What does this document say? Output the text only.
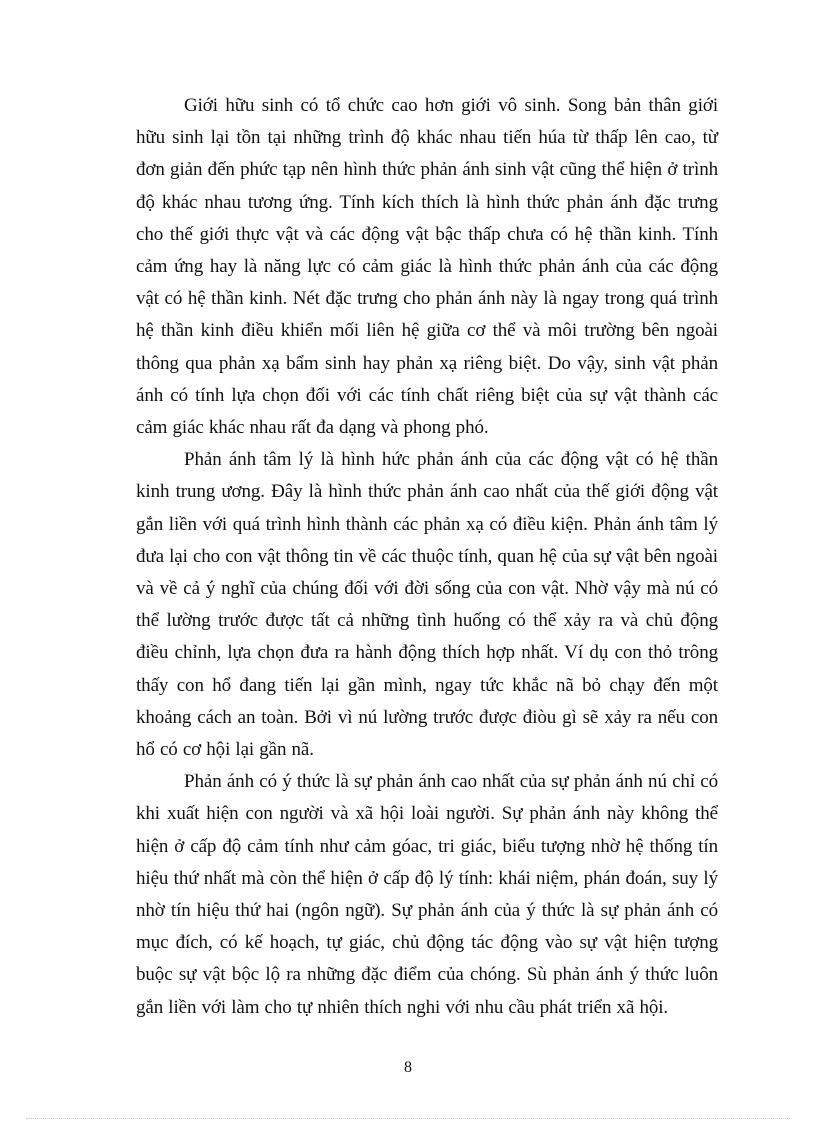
Giới hữu sinh có tổ chức cao hơn giới vô sinh. Song bản thân giới hữu sinh lại tồn tại những trình độ khác nhau tiến húa từ thấp lên cao, từ đơn giản đến phức tạp nên hình thức phản ánh sinh vật cũng thể hiện ở trình độ khác nhau tương ứng. Tính kích thích là hình thức phản ánh đặc trưng cho thế giới thực vật và các động vật bậc thấp chưa có hệ thần kinh. Tính cảm ứng hay là năng lực có cảm giác là hình thức phản ánh của các động vật có hệ thần kinh. Nét đặc trưng cho phản ánh này là ngay trong quá trình hệ thần kinh điều khiển mối liên hệ giữa cơ thể và môi trường bên ngoài thông qua phản xạ bẩm sinh hay phản xạ riêng biệt. Do vậy, sinh vật phản ánh có tính lựa chọn đối với các tính chất riêng biệt của sự vật thành các cảm giác khác nhau rất đa dạng và phong phó.

Phản ánh tâm lý là hình hức phản ánh của các động vật có hệ thần kinh trung ương. Đây là hình thức phản ánh cao nhất của thế giới động vật gắn liền với quá trình hình thành các phản xạ có điều kiện. Phản ánh tâm lý đưa lại cho con vật thông tin về các thuộc tính, quan hệ của sự vật bên ngoài và về cả ý nghĩ của chúng đối với đời sống của con vật. Nhờ vậy mà nú có thể lường trước được tất cả những tình huống có thể xảy ra và chủ động điều chỉnh, lựa chọn đưa ra hành động thích hợp nhất. Ví dụ con thỏ trông thấy con hổ đang tiến lại gần mình, ngay tức khắc nã bỏ chạy đến một khoảng cách an toàn. Bởi vì nú lường trước được điòu gì sẽ xảy ra nếu con hổ có cơ hội lại gần nã.

Phản ánh có ý thức là sự phản ánh cao nhất của sự phản ánh nú chỉ có khi xuất hiện con người và xã hội loài người. Sự phản ánh này không thể hiện ở cấp độ cảm tính như cảm góac, tri giác, biểu tượng nhờ hệ thống tín hiệu thứ nhất mà còn thể hiện ở cấp độ lý tính: khái niệm, phán đoán, suy lý nhờ tín hiệu thứ hai (ngôn ngữ). Sự phản ánh của ý thức là sự phản ánh có mục đích, có kế hoạch, tự giác, chủ động tác động vào sự vật hiện tượng buộc sự vật bộc lộ ra những đặc điểm của chóng. Sù phản ánh ý thức luôn gắn liền với làm cho tự nhiên thích nghi với nhu cầu phát triển xã hội.

8
